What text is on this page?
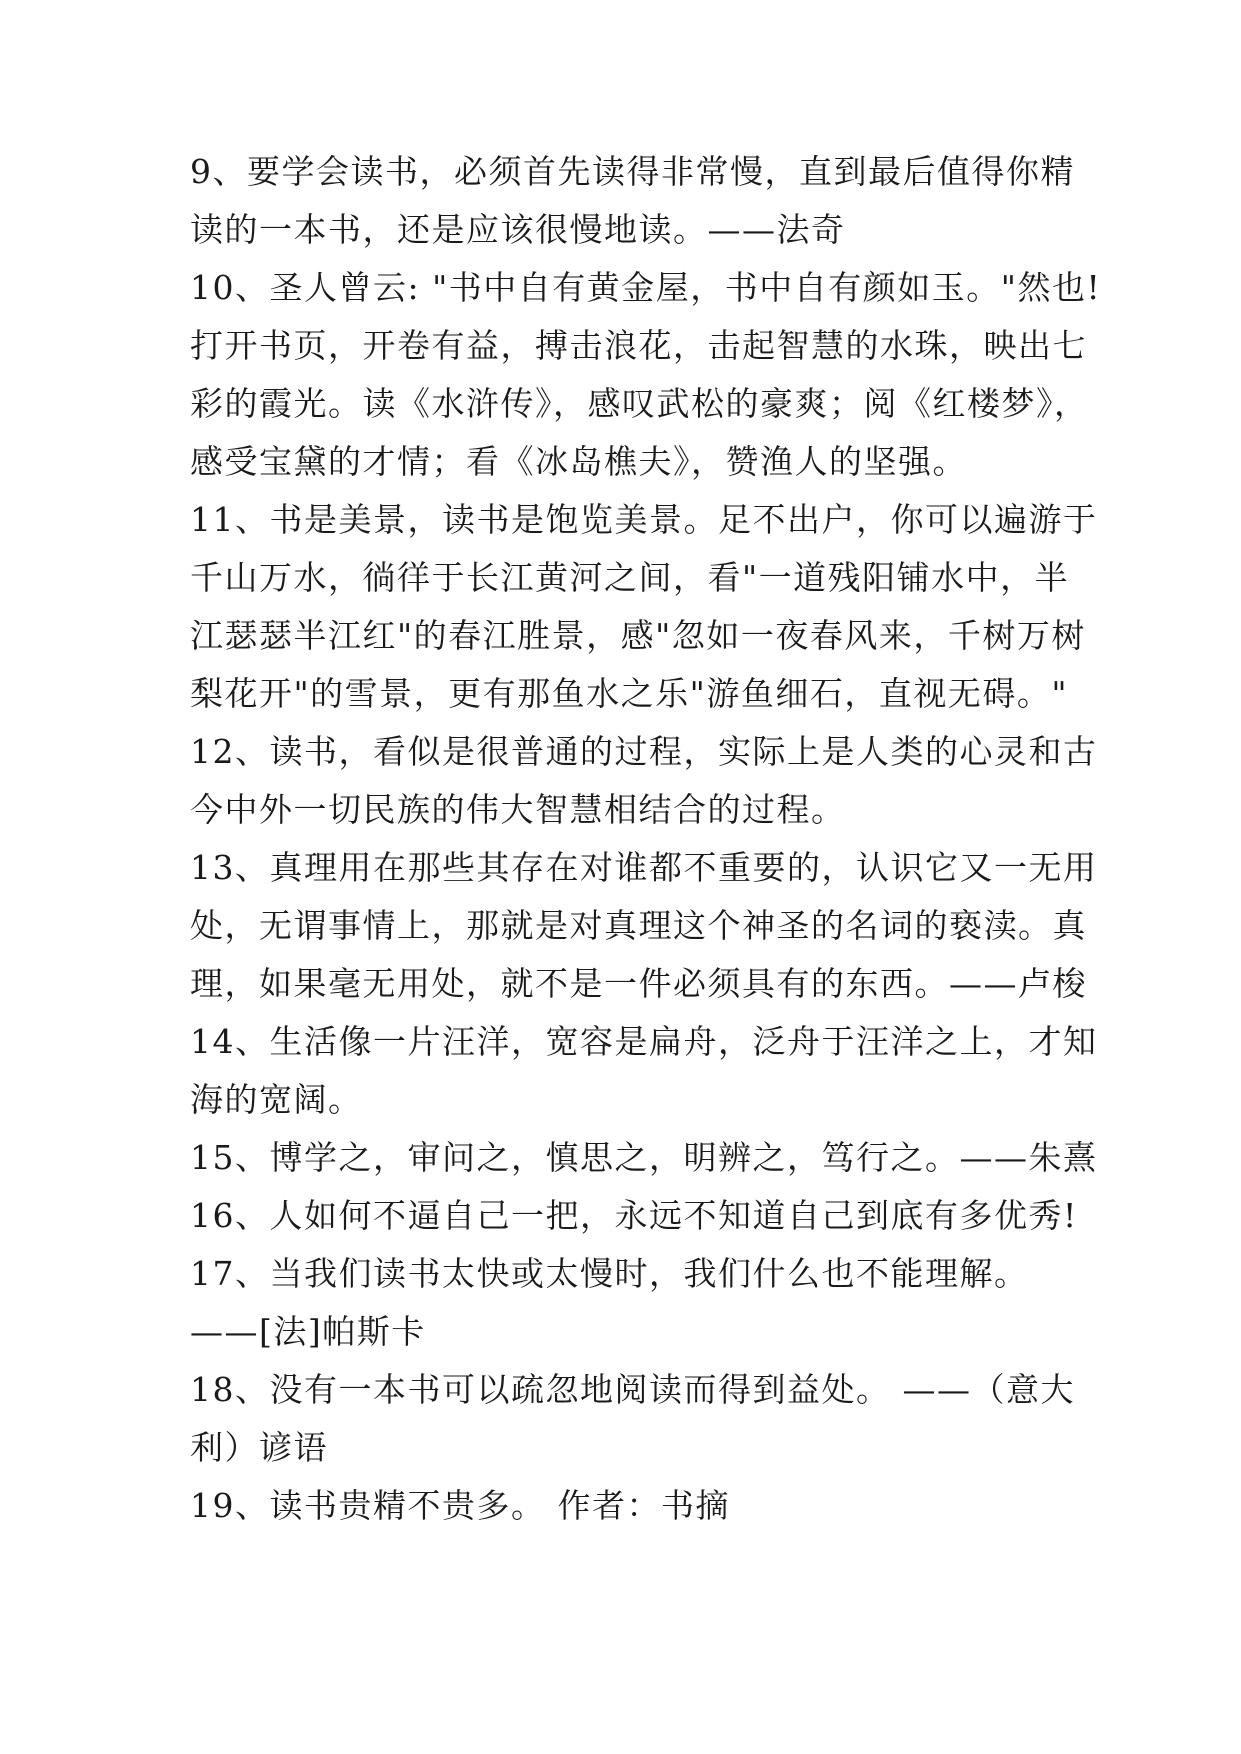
9、要学会读书，必须首先读得非常慢，直到最后值得你精
读的一本书，还是应该很慢地读。——法奇
10、圣人曾云: "书中自有黄金屋，书中自有颜如玉。"然也!
打开书页，开卷有益，搏击浪花，击起智慧的水珠，映出七
彩的霞光。读《水浒传》，感叹武松的豪爽；阅《红楼梦》，
感受宝黛的才情；看《冰岛樵夫》，赞渔人的坚强。
11、书是美景，读书是饱览美景。足不出户，你可以遍游于
千山万水，徜徉于长江黄河之间，看"一道残阳铺水中，半
江瑟瑟半江红"的春江胜景，感"忽如一夜春风来，千树万树
梨花开"的雪景，更有那鱼水之乐"游鱼细石，直视无碍。"
12、读书，看似是很普通的过程，实际上是人类的心灵和古
今中外一切民族的伟大智慧相结合的过程。
13、真理用在那些其存在对谁都不重要的，认识它又一无用
处，无谓事情上，那就是对真理这个神圣的名词的亵渎。真
理，如果毫无用处，就不是一件必须具有的东西。——卢梭
14、生活像一片汪洋，宽容是扁舟，泛舟于汪洋之上，才知
海的宽阔。
15、博学之，审问之，慎思之，明辨之，笃行之。——朱熹
16、人如何不逼自己一把，永远不知道自己到底有多优秀!
17、当我们读书太快或太慢时，我们什么也不能理解。
——[法]帕斯卡
18、没有一本书可以疏忽地阅读而得到益处。 ——（意大
利）谚语
19、读书贵精不贵多。 作者：书摘
